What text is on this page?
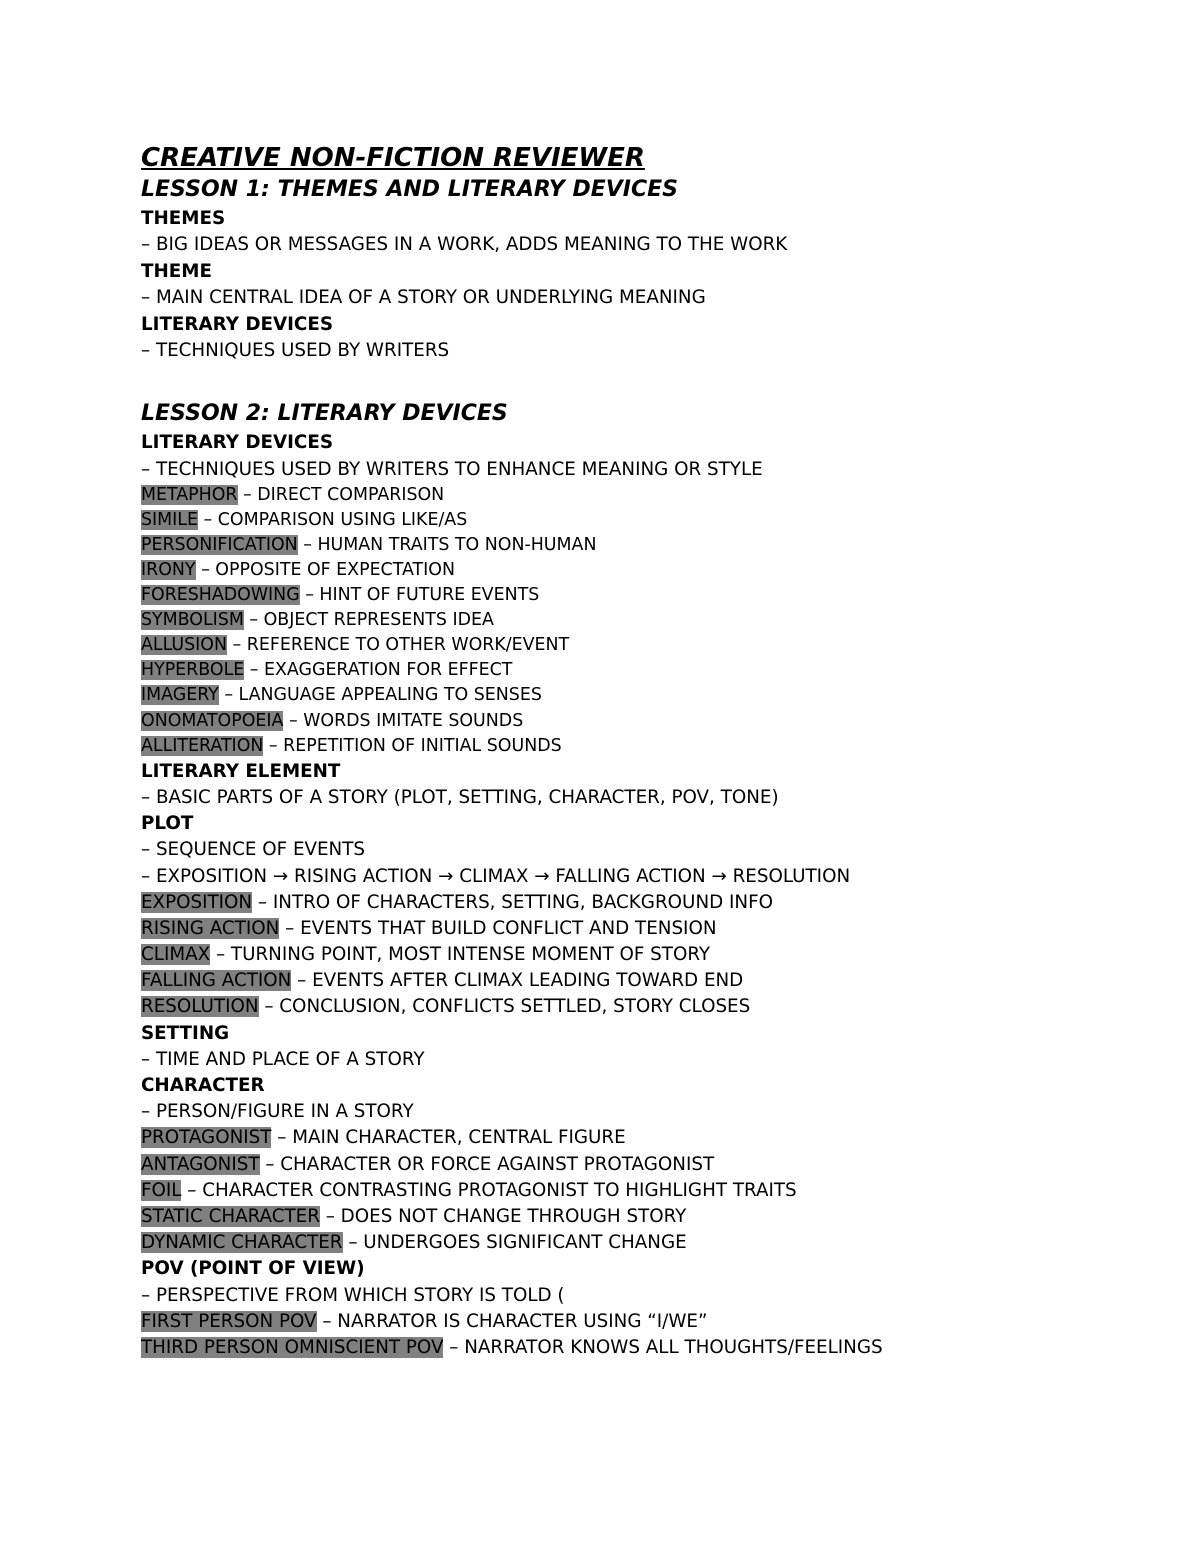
CREATIVE NON-FICTION REVIEWER
LESSON 1: THEMES AND LITERARY DEVICES
THEMES
– BIG IDEAS OR MESSAGES IN A WORK, ADDS MEANING TO THE WORK
THEME
– MAIN CENTRAL IDEA OF A STORY OR UNDERLYING MEANING
LITERARY DEVICES
– TECHNIQUES USED BY WRITERS
LESSON 2: LITERARY DEVICES
LITERARY DEVICES
– TECHNIQUES USED BY WRITERS TO ENHANCE MEANING OR STYLE
METAPHOR – DIRECT COMPARISON
SIMILE – COMPARISON USING LIKE/AS
PERSONIFICATION – HUMAN TRAITS TO NON-HUMAN
IRONY – OPPOSITE OF EXPECTATION
FORESHADOWING – HINT OF FUTURE EVENTS
SYMBOLISM – OBJECT REPRESENTS IDEA
ALLUSION – REFERENCE TO OTHER WORK/EVENT
HYPERBOLE – EXAGGERATION FOR EFFECT
IMAGERY – LANGUAGE APPEALING TO SENSES
ONOMATOPOEIA – WORDS IMITATE SOUNDS
ALLITERATION – REPETITION OF INITIAL SOUNDS
LITERARY ELEMENT
– BASIC PARTS OF A STORY (PLOT, SETTING, CHARACTER, POV, TONE)
PLOT
– SEQUENCE OF EVENTS
– EXPOSITION → RISING ACTION → CLIMAX → FALLING ACTION → RESOLUTION
EXPOSITION – INTRO OF CHARACTERS, SETTING, BACKGROUND INFO
RISING ACTION – EVENTS THAT BUILD CONFLICT AND TENSION
CLIMAX – TURNING POINT, MOST INTENSE MOMENT OF STORY
FALLING ACTION – EVENTS AFTER CLIMAX LEADING TOWARD END
RESOLUTION – CONCLUSION, CONFLICTS SETTLED, STORY CLOSES
SETTING
– TIME AND PLACE OF A STORY
CHARACTER
– PERSON/FIGURE IN A STORY
PROTAGONIST – MAIN CHARACTER, CENTRAL FIGURE
ANTAGONIST – CHARACTER OR FORCE AGAINST PROTAGONIST
FOIL – CHARACTER CONTRASTING PROTAGONIST TO HIGHLIGHT TRAITS
STATIC CHARACTER – DOES NOT CHANGE THROUGH STORY
DYNAMIC CHARACTER – UNDERGOES SIGNIFICANT CHANGE
POV (POINT OF VIEW)
– PERSPECTIVE FROM WHICH STORY IS TOLD (
FIRST PERSON POV – NARRATOR IS CHARACTER USING “I/WE”
THIRD PERSON OMNISCIENT POV – NARRATOR KNOWS ALL THOUGHTS/FEELINGS
